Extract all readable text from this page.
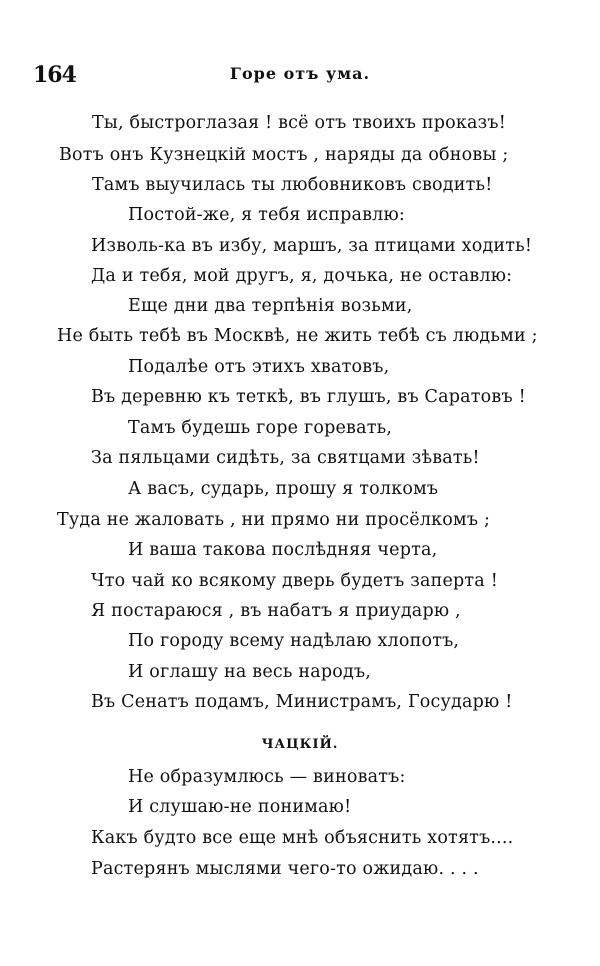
164	Горе отъ ума.
Ты, быстроглазая ! всё отъ твоихъ проказъ!
Вотъ онъ Кузнецкій мостъ , наряды да обновы ;
Тамъ выучилась ты любовниковъ сводить!
Постой-же, я тебя исправлю:
Изволь-ка въ избу, маршъ, за птицами ходить!
Да и тебя, мой другъ, я, дочька, не оставлю:
Еще дни два терпѣнія возьми,
Не быть тебѣ въ Москвѣ, не жить тебѣ съ людьми ;
Подалѣе отъ этихъ хватовъ,
Въ деревню къ теткѣ, въ глушъ, въ Саратовъ !
Тамъ будешь горе горевать,
За пяльцами сидѣть, за святцами зѣвать!
А васъ, сударь, прошу я толкомъ
Туда не жаловать , ни прямо ни просёлкомъ ;
И ваша такова послѣдняя черта,
Что чай ко всякому дверь будетъ заперта !
Я постараюся , въ набатъ я приударю ,
По городу всему надѣлаю хлопотъ,
И оглашу на весь народъ,
Въ Сенатъ подамъ, Министрамъ, Государю !
ЧАЦКІЙ.
Не образумлюсь — виноватъ:
И слушаю-не понимаю!
Какъ будто все еще мнѣ объяснить хотятъ....
Растерянъ мыслями чего-то ожидаю. . . .
